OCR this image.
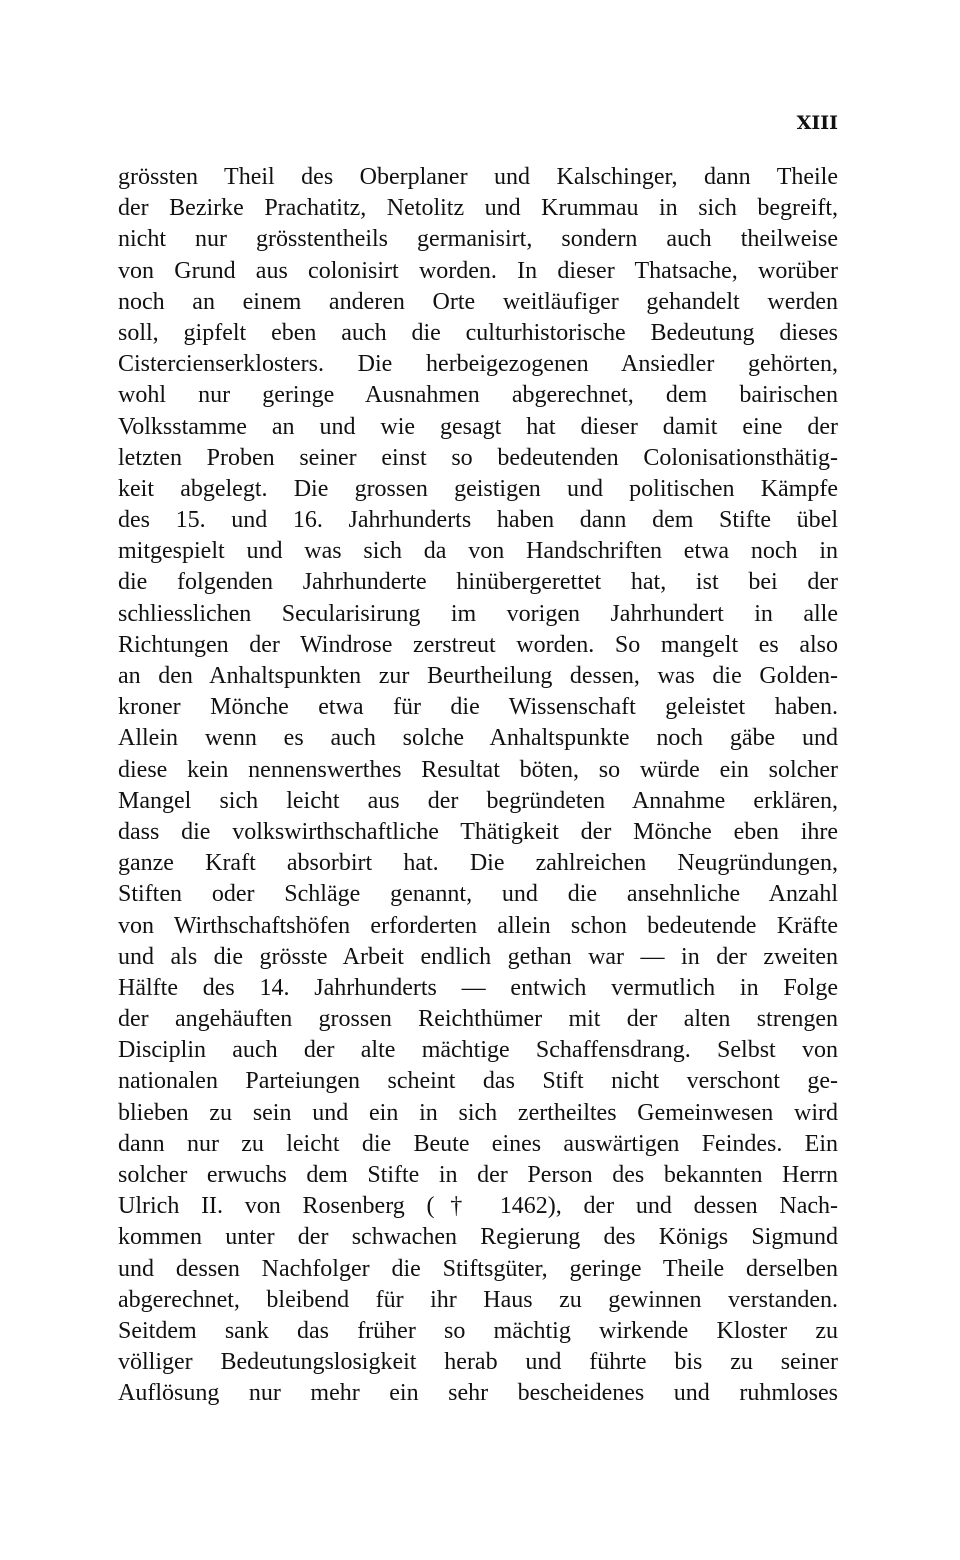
XIII
grössten Theil des Oberplaner und Kalschinger, dann Theile
der Bezirke Prachatitz, Netolitz und Krummau in sich begreift,
nicht nur grösstentheils germanisirt, sondern auch theilweise
von Grund aus colonisirt worden. In dieser Thatsache, worüber
noch an einem anderen Orte weitläufiger gehandelt werden
soll, gipfelt eben auch die culturhistorische Bedeutung dieses
Cistercienserklosters. Die herbeigezogenen Ansiedler gehörten,
wohl nur geringe Ausnahmen abgerechnet, dem bairischen
Volksstamme an und wie gesagt hat dieser damit eine der
letzten Proben seiner einst so bedeutenden Colonisationsthätig-
keit abgelegt. Die grossen geistigen und politischen Kämpfe
des 15. und 16. Jahrhunderts haben dann dem Stifte übel
mitgespielt und was sich da von Handschriften etwa noch in
die folgenden Jahrhunderte hinübergerettet hat, ist bei der
schliesslichen Secularisirung im vorigen Jahrhundert in alle
Richtungen der Windrose zerstreut worden. So mangelt es also
an den Anhaltspunkten zur Beurtheilung dessen, was die Golden-
kroner Mönche etwa für die Wissenschaft geleistet haben.
Allein wenn es auch solche Anhaltspunkte noch gäbe und
diese kein nennenswerthes Resultat böten, so würde ein solcher
Mangel sich leicht aus der begründeten Annahme erklären,
dass die volkswirthschaftliche Thätigkeit der Mönche eben ihre
ganze Kraft absorbirt hat. Die zahlreichen Neugründungen,
Stiften oder Schläge genannt, und die ansehnliche Anzahl
von Wirthschaftshöfen erforderten allein schon bedeutende Kräfte
und als die grösste Arbeit endlich gethan war — in der zweiten
Hälfte des 14. Jahrhunderts — entwich vermutlich in Folge
der angehäuften grossen Reichthümer mit der alten strengen
Disciplin auch der alte mächtige Schaffensdrang. Selbst von
nationalen Parteiungen scheint das Stift nicht verschont ge-
blieben zu sein und ein in sich zertheiltes Gemeinwesen wird
dann nur zu leicht die Beute eines auswärtigen Feindes. Ein
solcher erwuchs dem Stifte in der Person des bekannten Herrn
Ulrich II. von Rosenberg († 1462), der und dessen Nach-
kommen unter der schwachen Regierung des Königs Sigmund
und dessen Nachfolger die Stiftsgüter, geringe Theile derselben
abgerechnet, bleibend für ihr Haus zu gewinnen verstanden.
Seitdem sank das früher so mächtig wirkende Kloster zu
völliger Bedeutungslosigkeit herab und führte bis zu seiner
Auflösung nur mehr ein sehr bescheidenes und ruhmloses
